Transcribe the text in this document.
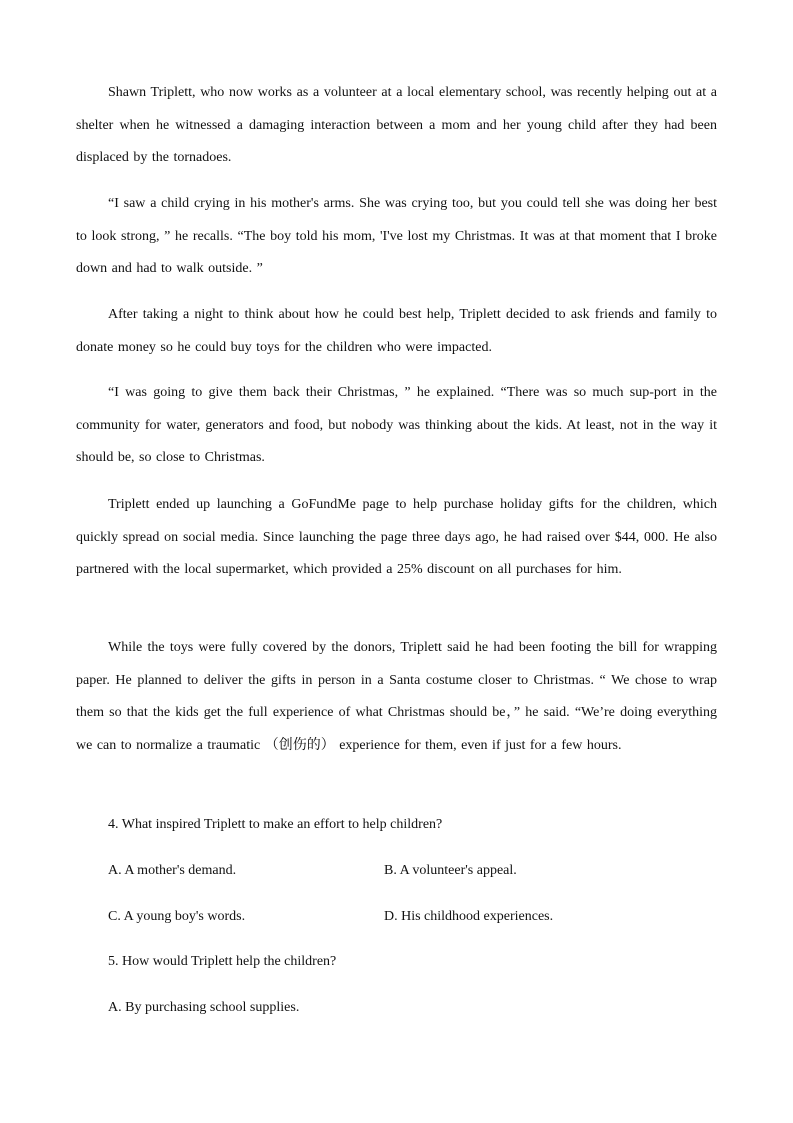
Shawn Triplett, who now works as a volunteer at a local elementary school, was recently helping out at a shelter when he witnessed a damaging interaction between a mom and her young child after they had been displaced by the tornadoes.

“I saw a child crying in his mother's arms. She was crying too, but you could tell she was doing her best to look strong, ” he recalls. “The boy told his mom, 'I've lost my Christmas. It was at that moment that I broke down and had to walk outside. ”

After taking a night to think about how he could best help, Triplett decided to ask friends and family to donate money so he could buy toys for the children who were impacted.

“I was going to give them back their Christmas, ” he explained. “There was so much sup-port in the community for water, generators and food, but nobody was thinking about the kids. At least, not in the way it should be, so close to Christmas.

Triplett ended up launching a GoFundMe page to help purchase holiday gifts for the children, which quickly spread on social media. Since launching the page three days ago, he had raised over $44, 000. He also partnered with the local supermarket, which provided a 25% discount on all purchases for him.

While the toys were fully covered by the donors, Triplett said he had been footing the bill for wrapping paper. He planned to deliver the gifts in person in a Santa costume closer to Christmas. “ We chose to wrap them so that the kids get the full experience of what Christmas should be，” he said. “We’re doing everything we can to normalize a traumatic （创伤的） experience for them, even if just for a few hours.

4. What inspired Triplett to make an effort to help children?

A. A mother's demand.	B. A volunteer's appeal.

C. A young boy's words.	D. His childhood experiences.

5. How would Triplett help the children?

A. By purchasing school supplies.
